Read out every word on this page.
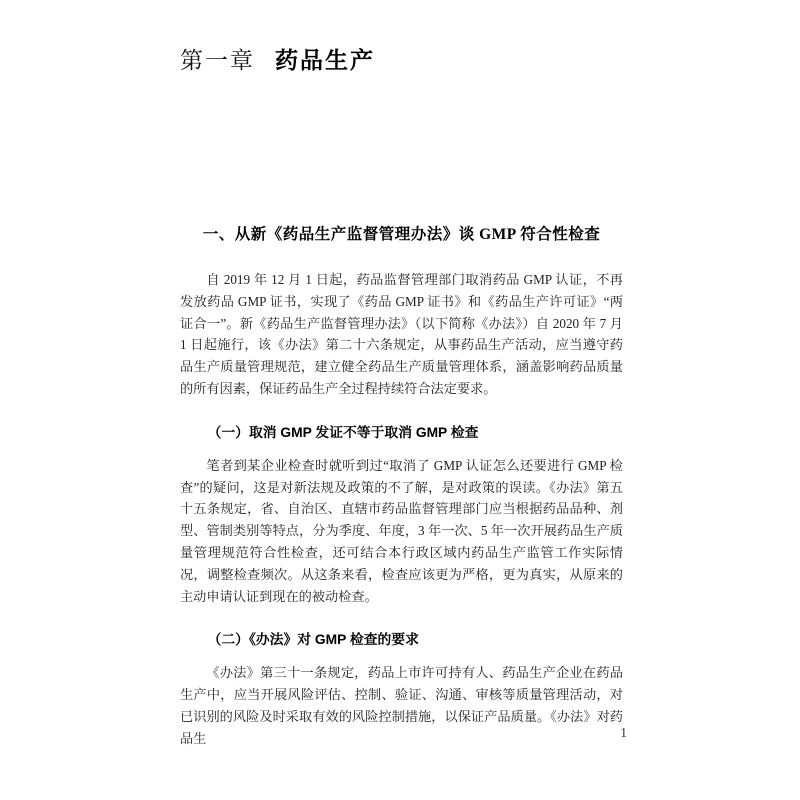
第一章 药品生产
一、从新《药品生产监督管理办法》谈 GMP 符合性检查

自 2019 年 12 月 1 日起，药品监督管理部门取消药品 GMP 认证，不再发放药品 GMP 证书，实现了《药品 GMP 证书》和《药品生产许可证》“两证合一”。新《药品生产监督管理办法》（以下简称《办法》）自 2020 年 7 月 1 日起施行，该《办法》第二十六条规定，从事药品生产活动，应当遵守药品生产质量管理规范，建立健全药品生产质量管理体系，涵盖影响药品质量的所有因素，保证药品生产全过程持续符合法定要求。

（一）取消 GMP 发证不等于取消 GMP 检查

笔者到某企业检查时就听到过“取消了 GMP 认证怎么还要进行 GMP 检查”的疑问，这是对新法规及政策的不了解，是对政策的误读。《办法》第五十五条规定，省、自治区、直辖市药品监督管理部门应当根据药品品种、剂型、管制类别等特点，分为季度、年度，3 年一次、5 年一次开展药品生产质量管理规范符合性检查，还可结合本行政区域内药品生产监管工作实际情况，调整检查频次。从这条来看，检查应该更为严格，更为真实，从原来的主动申请认证到现在的被动检查。

（二）《办法》对 GMP 检查的要求

《办法》第三十一条规定，药品上市许可持有人、药品生产企业在药品生产中，应当开展风险评估、控制、验证、沟通、审核等质量管理活动，对已识别的风险及时采取有效的风险控制措施，以保证产品质量。《办法》对药品生	1
